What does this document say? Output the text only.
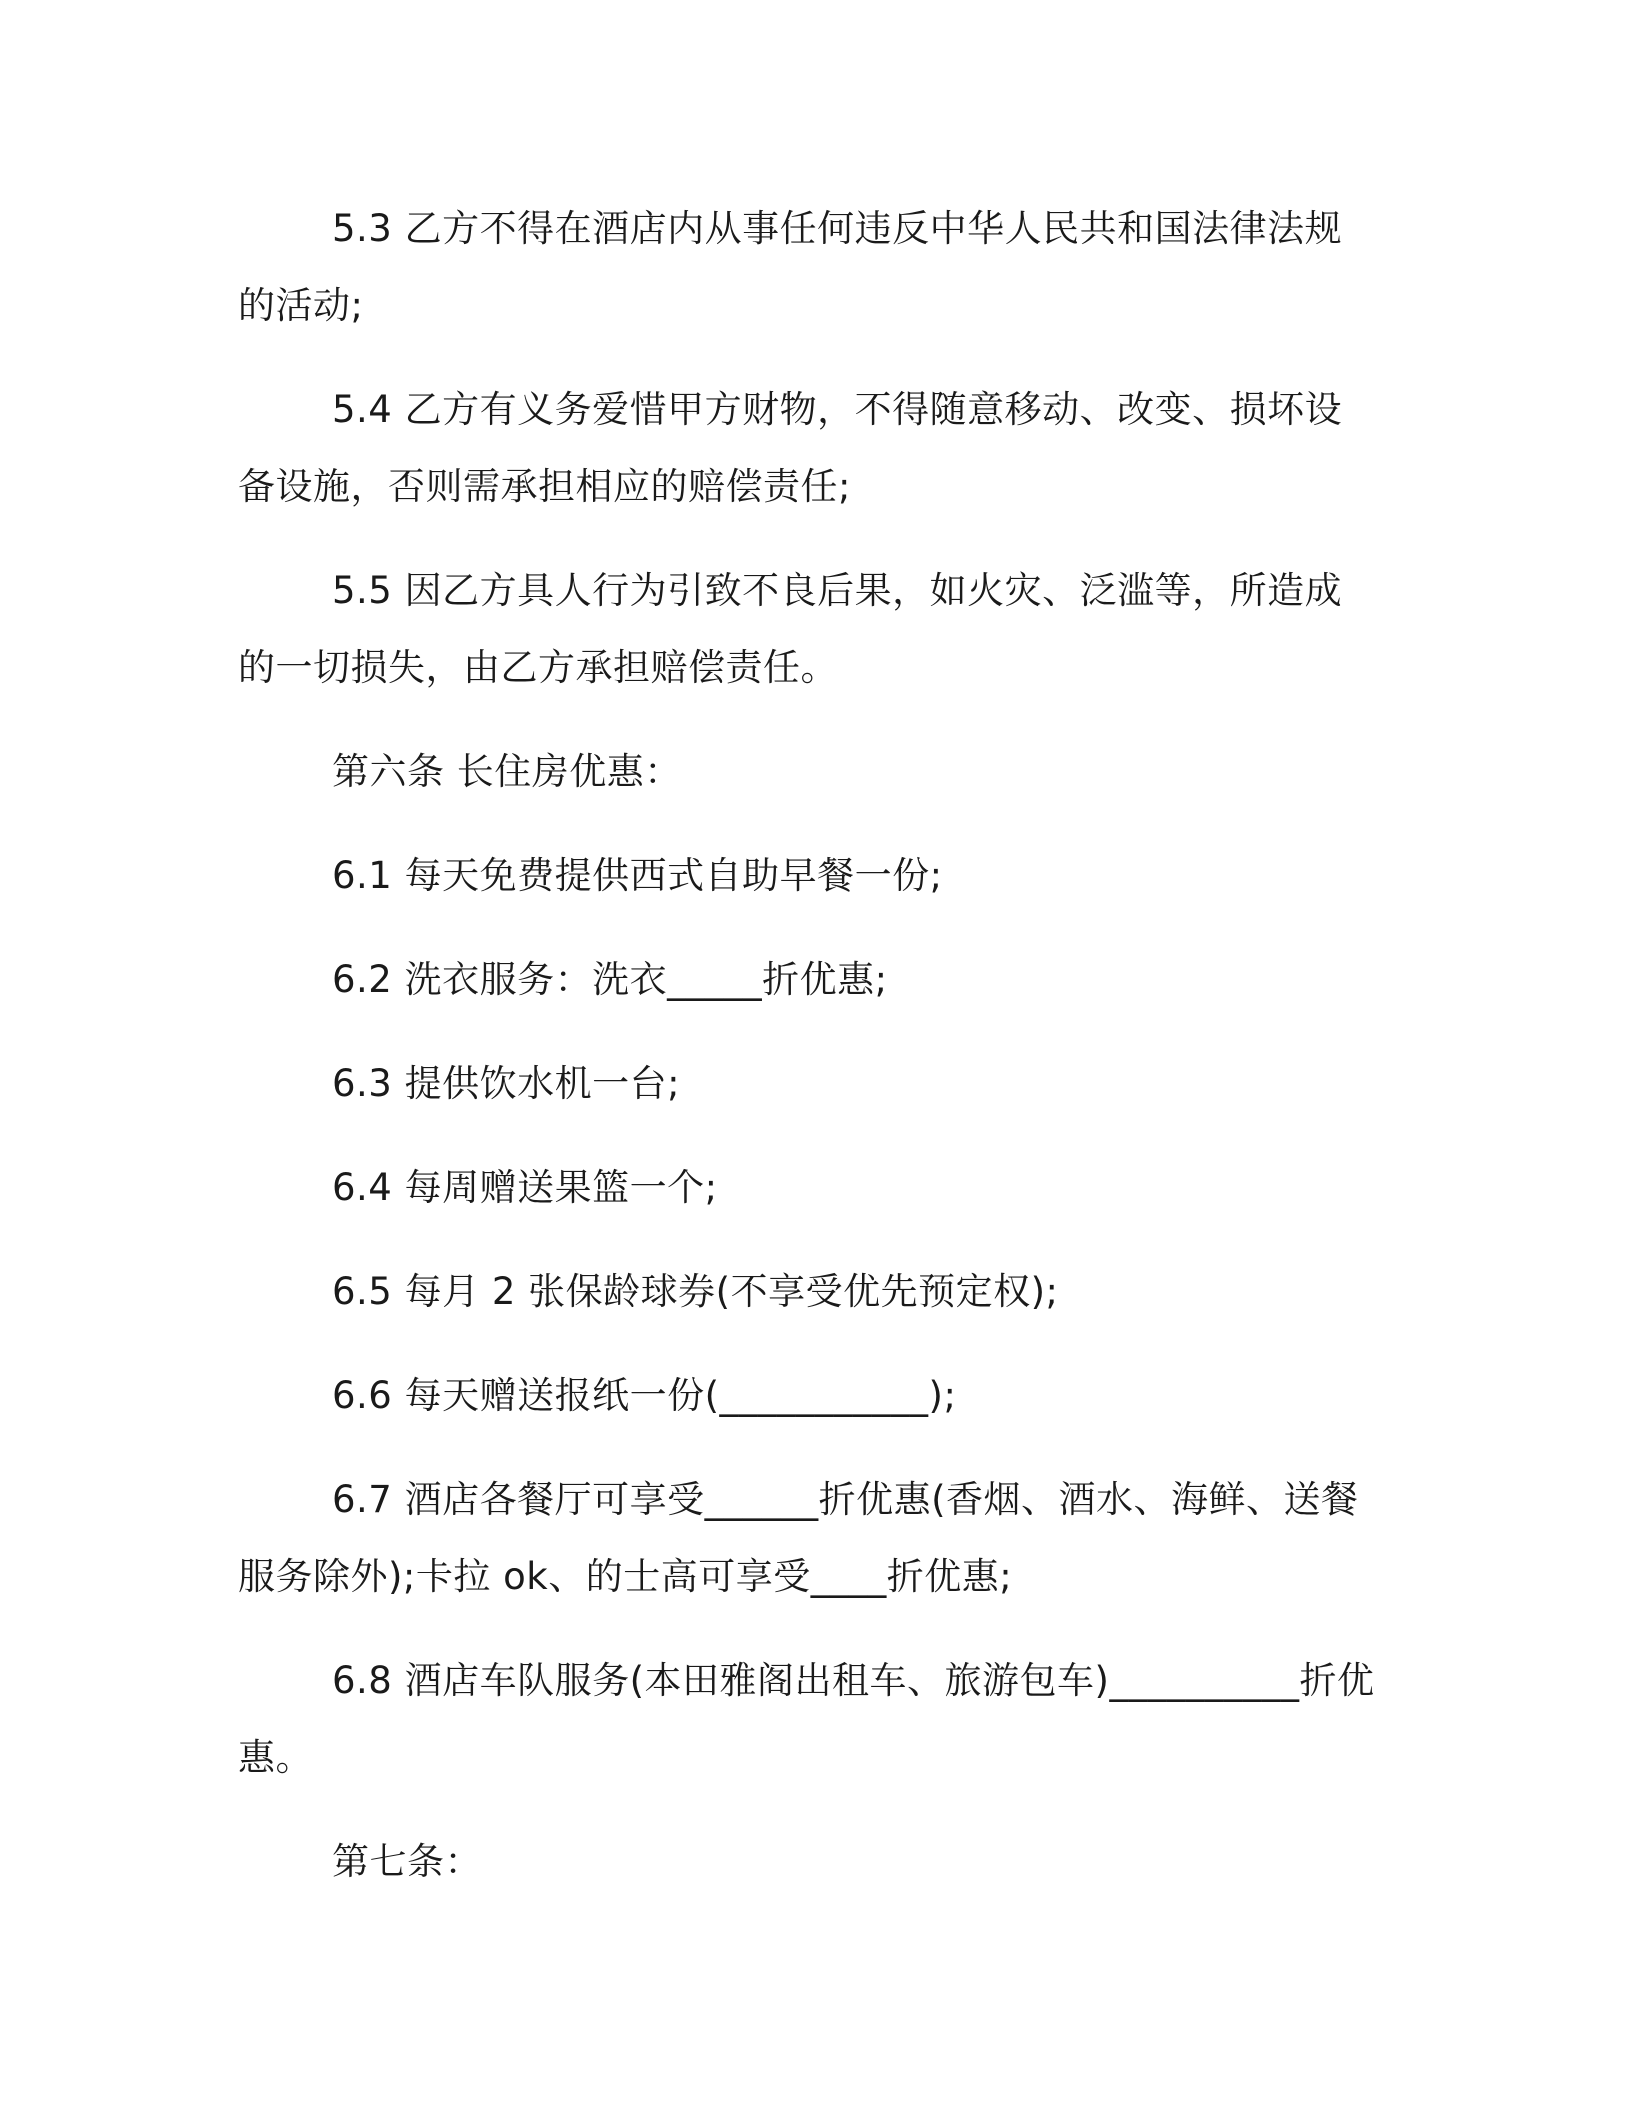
5.3 乙方不得在酒店内从事任何违反中华人民共和国法律法规的活动;

5.4 乙方有义务爱惜甲方财物，不得随意移动、改变、损坏设备设施，否则需承担相应的赔偿责任;

5.5 因乙方具人行为引致不良后果，如火灾、泛滥等，所造成的一切损失，由乙方承担赔偿责任。

第六条 长住房优惠：

6.1 每天免费提供西式自助早餐一份;

6.2 洗衣服务：洗衣_____折优惠;

6.3 提供饮水机一台;

6.4 每周赠送果篮一个;

6.5 每月 2 张保龄球券(不享受优先预定权);

6.6 每天赠送报纸一份(___________);

6.7 酒店各餐厅可享受______折优惠(香烟、酒水、海鲜、送餐服务除外);卡拉 ok、的士高可享受____折优惠;

6.8 酒店车队服务(本田雅阁出租车、旅游包车)__________折优惠。

第七条：
